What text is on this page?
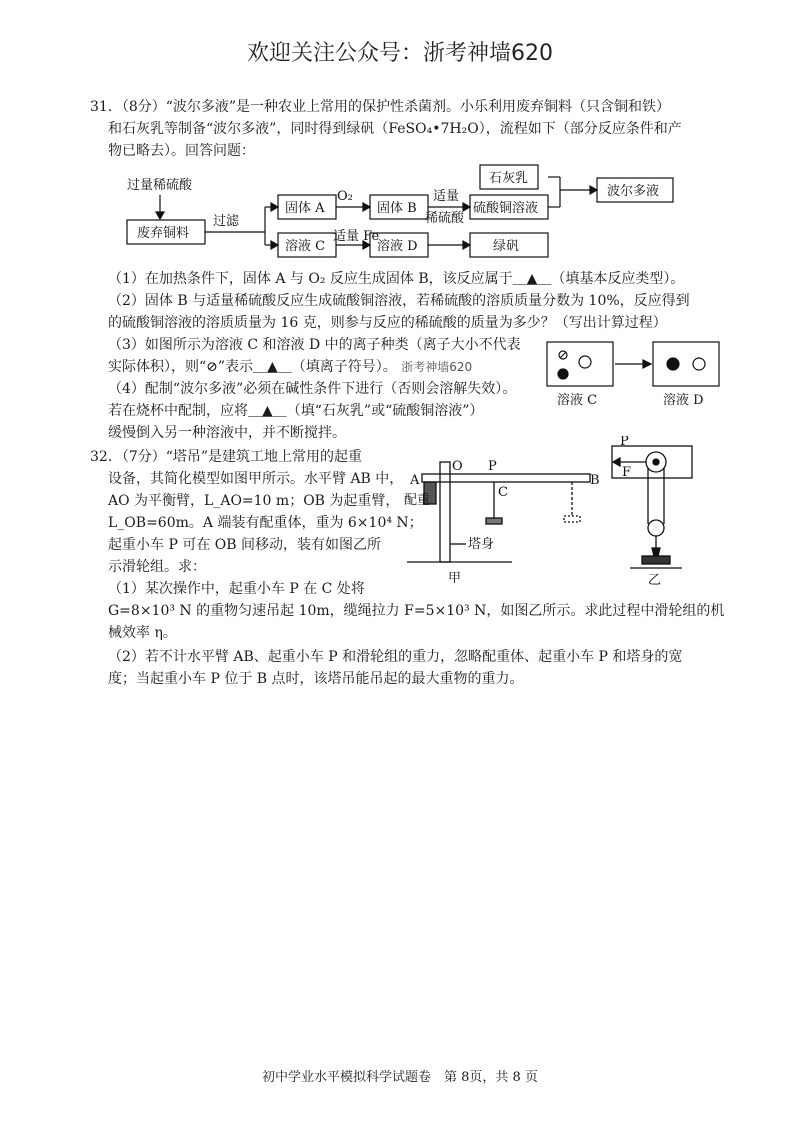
欢迎关注公众号：浙考神墙620
31．（8分）“波尔多液”是一种农业上常用的保护性杀菌剂。小乐利用废弃铜料（只含铜和铁）
和石灰乳等制备“波尔多液”，同时得到绿矾（FeSO₄•7H₂O），流程如下（部分反应条件和产
物已略去）。回答问题：
过量稀硫酸
废弃铜料
过滤
固体 A
O₂
固体 B
适量
稀硫酸
硫酸铜溶液
石灰乳
波尔多液
溶液 C
适量 Fe
溶液 D	绿矾
（1）在加热条件下，固体 A 与 O₂ 反应生成固体 B，该反应属于＿▲＿（填基本反应类型）。
（2）固体 B 与适量稀硫酸反应生成硫酸铜溶液，若稀硫酸的溶质质量分数为 10%，反应得到
的硫酸铜溶液的溶质质量为 16 克，则参与反应的稀硫酸的质量为多少？（写出计算过程）
（3）如图所示为溶液 C 和溶液 D 中的离子种类（离子大小不代表
实际体积），则“⊘”表示＿▲＿（填离子符号）。 浙考神墙620
（4）配制“波尔多液”必须在碱性条件下进行（否则会溶解失效）。
若在烧杯中配制，应将＿▲＿（填“石灰乳”或“硫酸铜溶液”）
缓慢倒入另一种溶液中，并不断搅拌。
溶液 C	溶液 D
32．（7分）“塔吊”是建筑工地上常用的起重
设备，其简化模型如图甲所示。水平臂 AB 中，
AO 为平衡臂，L_AO=10 m；OB 为起重臂，
L_OB=60m。A 端装有配重体，重为 6×10⁴ N；
起重小车 P 可在 OB 间移动，装有如图乙所
示滑轮组。求：
A
O P
C
B
配重
塔身
甲
P
F
乙
（1）某次操作中，起重小车 P 在 C 处将
G=8×10³ N 的重物匀速吊起 10m，缆绳拉力 F=5×10³ N，如图乙所示。求此过程中滑轮组的机
械效率 η。
（2）若不计水平臂 AB、起重小车 P 和滑轮组的重力，忽略配重体、起重小车 P 和塔身的宽
度；当起重小车 P 位于 B 点时，该塔吊能吊起的最大重物的重力。
初中学业水平模拟科学试题卷　第 8页，共 8 页
